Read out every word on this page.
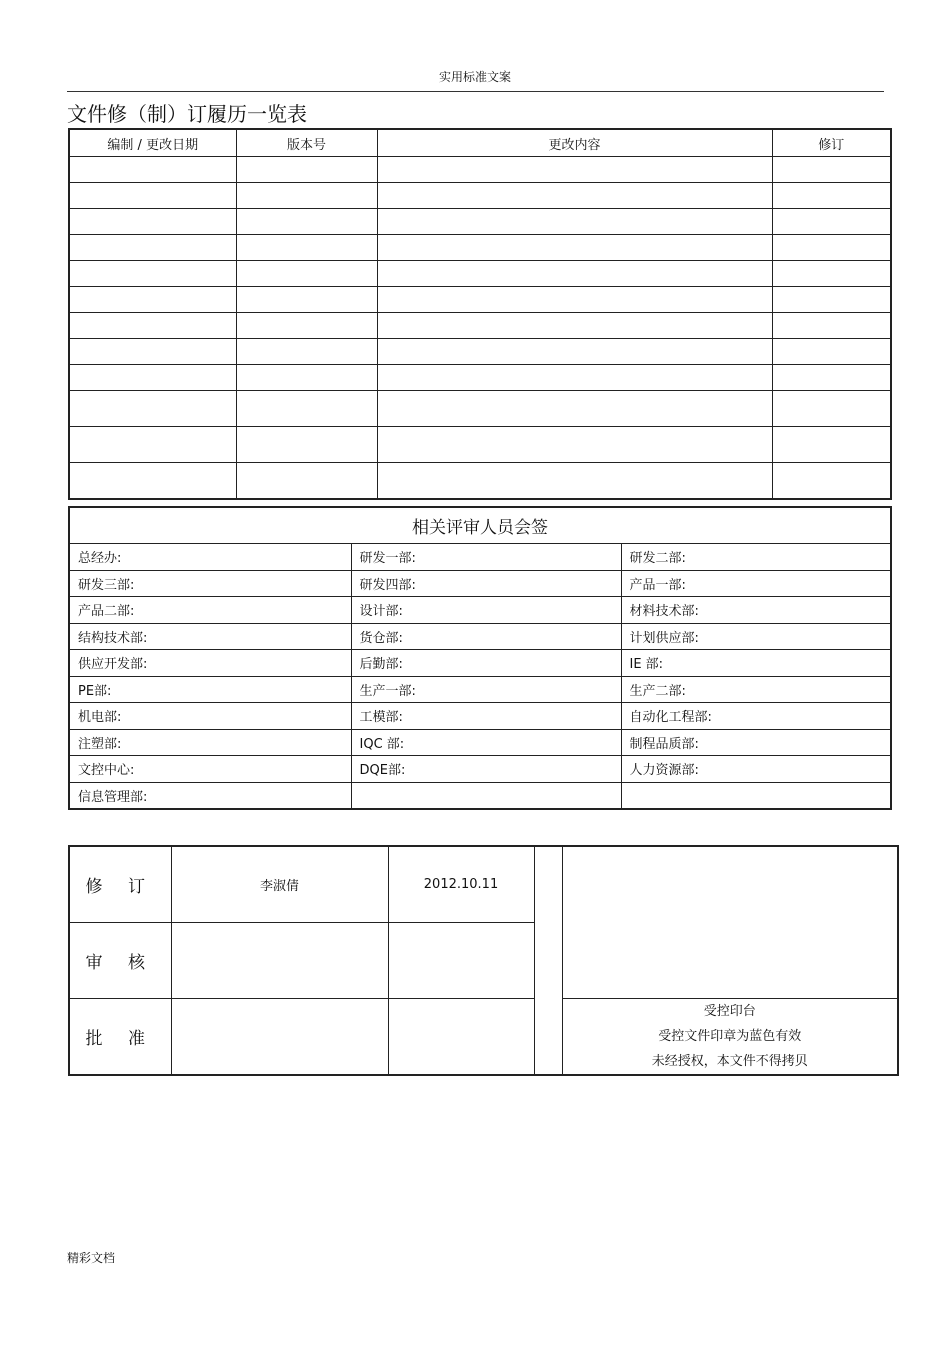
实用标准文案
文件修（制）订履历一览表
编制 / 更改日期	版本号	更改内容	修订

相关评审人员会签		
总经办:	研发一部:	研发二部:
研发三部:	研发四部:	产品一部:
产品二部:	设计部:	材料技术部:
结构技术部:	货仓部:	计划供应部:
供应开发部:	后勤部:	IE 部:
PE部:	生产一部:	生产二部:
机电部:	工模部:	自动化工程部:
注塑部:	IQC 部:	制程品质部:
文控中心:	DQE部:	人力资源部:
信息管理部:		
修 订	李淑倩	2012.10.11		
审 核				
批 准				受控印台
受控文件印章为蓝色有效
未经授权，本文件不得拷贝
精彩文档
